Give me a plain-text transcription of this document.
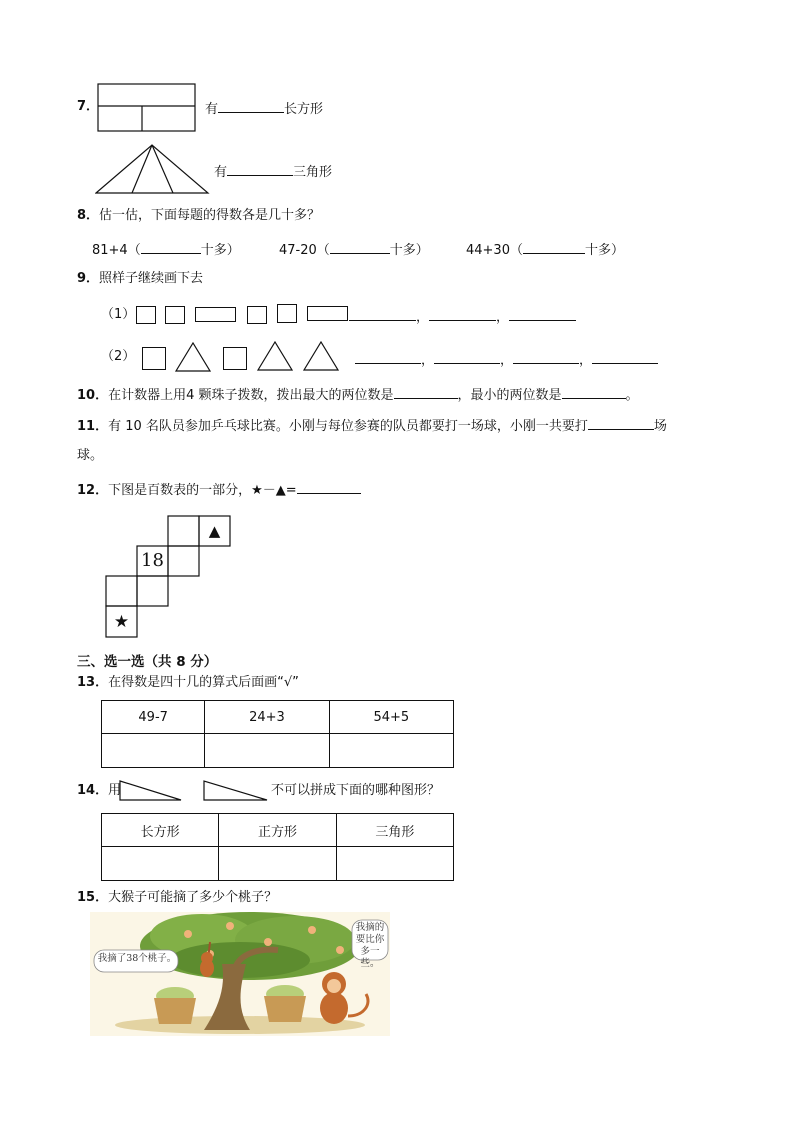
7．	有	长方形
有	三角形
8．估一估，下面每题的得数各是几十多？
81+4（	十多）	47-20（	十多）	44+30（	十多）
9．照样子继续画下去
（1）	，	，
（2）	，	，	，
10．在计数器上用4 颗珠子拨数，拨出最大的两位数是	，最小的两位数是	。
11．有 10 名队员参加乒乓球比赛。小刚与每位参赛的队员都要打一场球，小刚一共要打	场
球。
12．下图是百数表的一部分，★－▲=
18
▲
★
三、选一选（共 8 分）
13．在得数是四十几的算式后面画“√”
49-7	24+3	54+5

14．用	不可以拼成下面的哪种图形？
长方形	正方形	三角形

15．大猴子可能摘了多少个桃子？
我摘了38个桃子。
我摘的要比你多一些。
